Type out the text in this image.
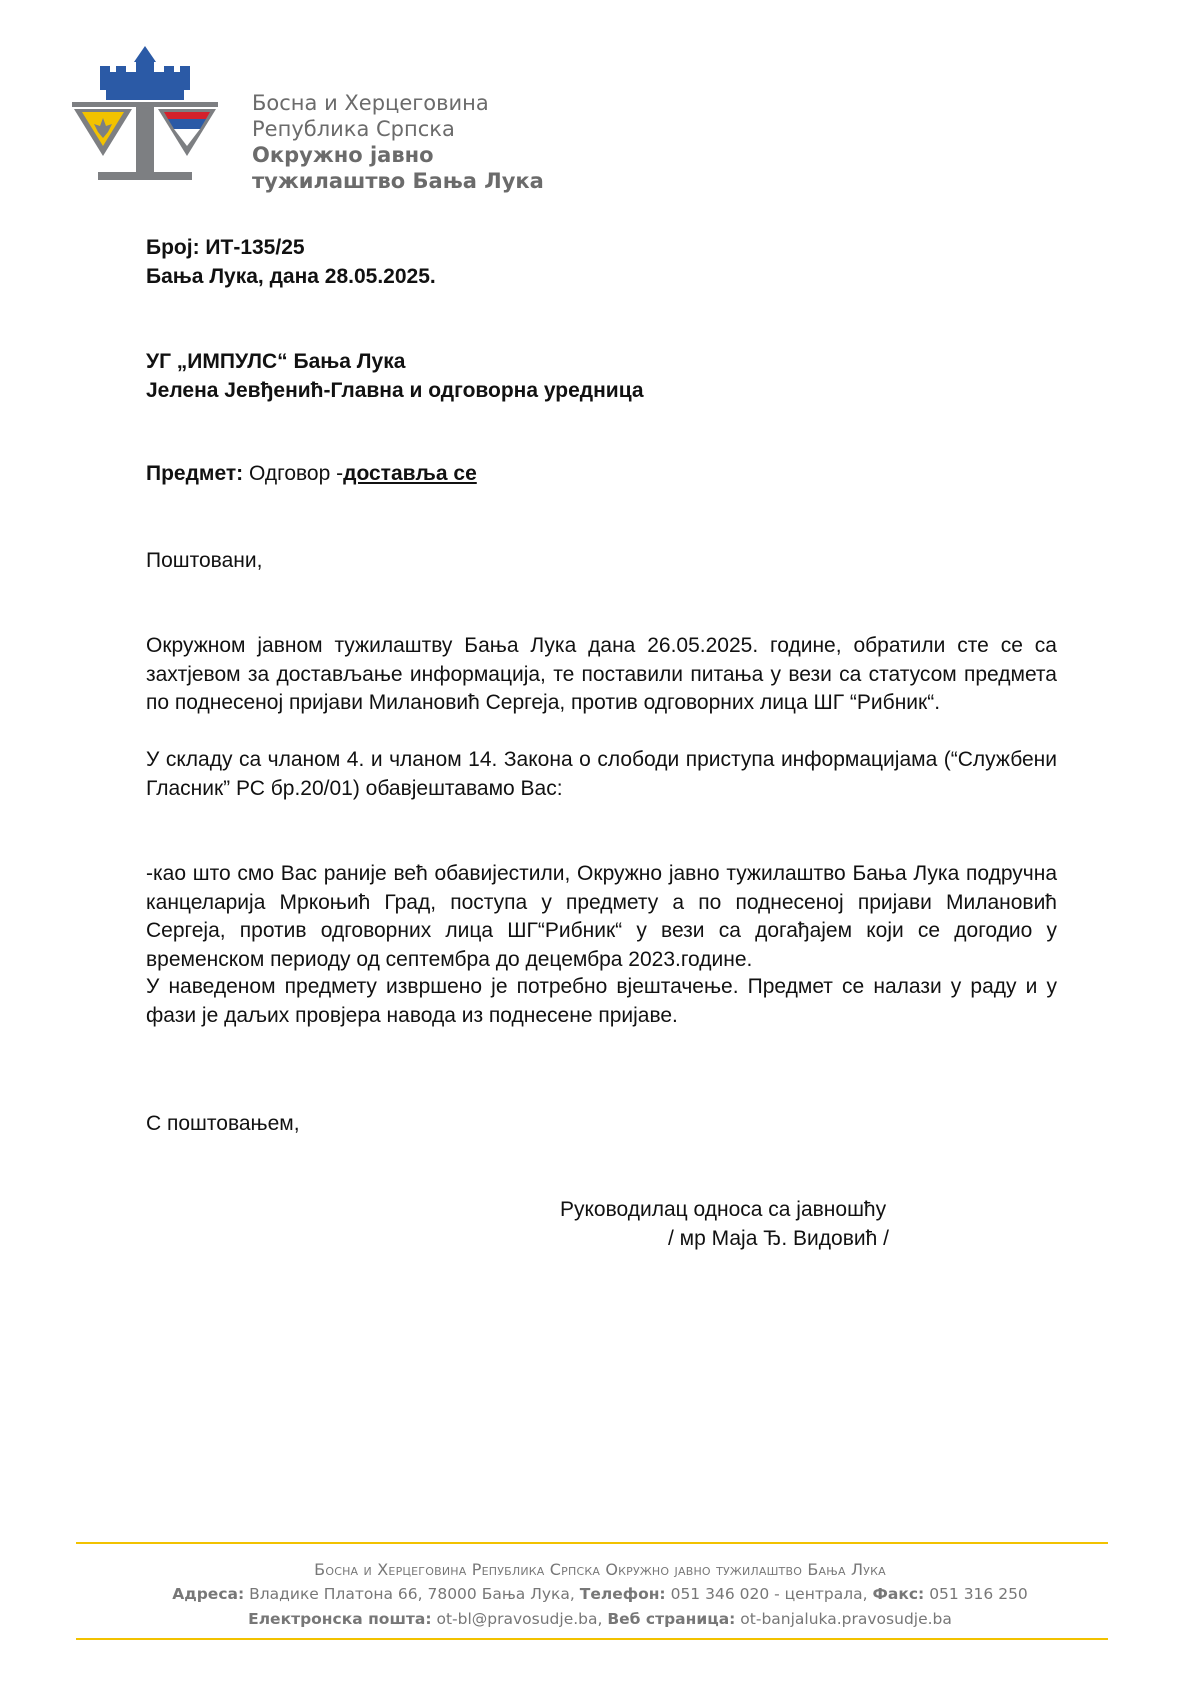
Босна и Херцеговина
Република Српска
Окружно јавно
тужилаштво Бања Лука
Број: ИТ-135/25
Бања Лука, дана 28.05.2025.
УГ „ИМПУЛС“ Бања Лука
Јелена Јевђенић-Главна и одговорна уредница
Предмет: Одговор -достављa се
Поштовани,
Окружном јавном тужилаштву Бања Лука дана 26.05.2025. године, обратили сте се са захтјевом за достављање информација, те поставили питања у вези са статусом предмета по поднесеној пријави Милановић Сергеја, против одговорних лица ШГ “Рибник“.
У складу са чланом 4. и чланом 14. Закона о слободи приступа информацијама (“Службени Гласник” РС бр.20/01) обавјештавамо Вас:
-као што смо Вас раније већ обавијестили, Окружно јавно тужилаштво Бања Лука подручна канцеларија Мркоњић Град, поступа у предмету а по поднесеној пријави Милановић Сергеја, против одговорних лица ШГ“Рибник“ у вези са догађајем који се догодио у временском периоду од септембра до децембра 2023.године.
У наведеном предмету извршено је потребно вјештачење. Предмет се налази у раду и у фази је даљих провјера навода из поднесене пријаве.
С поштовањем,
Руководилац односа са јавношћу
/ мр Маја Ђ. Видовић /
Босна и Херцеговина Република Српска Окружно јавно тужилаштво Бања Лука
Адреса: Владике Платона 66, 78000 Бања Лука, Телефон: 051 346 020 - централа, Факс: 051 316 250
Електронска пошта: ot-bl@pravosudje.ba, Веб страница: ot-banjaluka.pravosudje.ba
